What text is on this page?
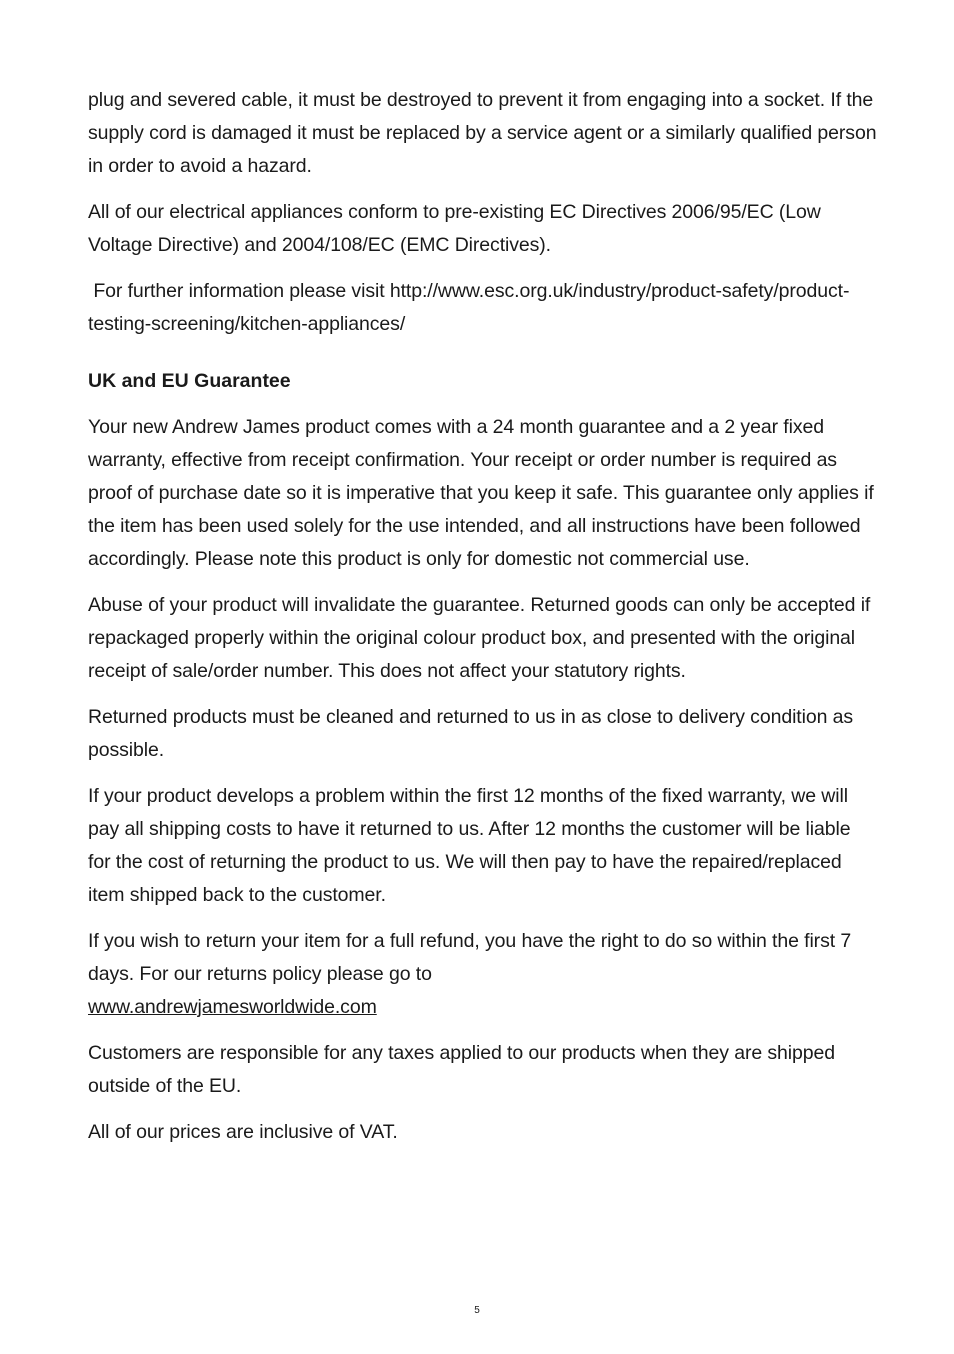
plug and severed cable, it must be destroyed to prevent it from engaging into a socket. If the supply cord is damaged it must be replaced by a service agent or a similarly qualified person in order to avoid a hazard.

All of our electrical appliances conform to pre-existing EC Directives 2006/95/EC (Low Voltage Directive) and 2004/108/EC (EMC Directives).

For further information please visit http://www.esc.org.uk/industry/product-safety/product-testing-screening/kitchen-appliances/

UK and EU Guarantee

Your new Andrew James product comes with a 24 month guarantee and a 2 year fixed warranty, effective from receipt confirmation. Your receipt or order number is required as proof of purchase date so it is imperative that you keep it safe. This guarantee only applies if the item has been used solely for the use intended, and all instructions have been followed accordingly. Please note this product is only for domestic not commercial use.

Abuse of your product will invalidate the guarantee. Returned goods can only be accepted if repackaged properly within the original colour product box, and presented with the original receipt of sale/order number. This does not affect your statutory rights.

Returned products must be cleaned and returned to us in as close to delivery condition as possible.

If your product develops a problem within the first 12 months of the fixed warranty, we will pay all shipping costs to have it returned to us. After 12 months the customer will be liable for the cost of returning the product to us. We will then pay to have the repaired/replaced item shipped back to the customer.

If you wish to return your item for a full refund, you have the right to do so within the first 7 days. For our returns policy please go to
www.andrewjamesworldwide.com

Customers are responsible for any taxes applied to our products when they are shipped outside of the EU.

All of our prices are inclusive of VAT.

5
